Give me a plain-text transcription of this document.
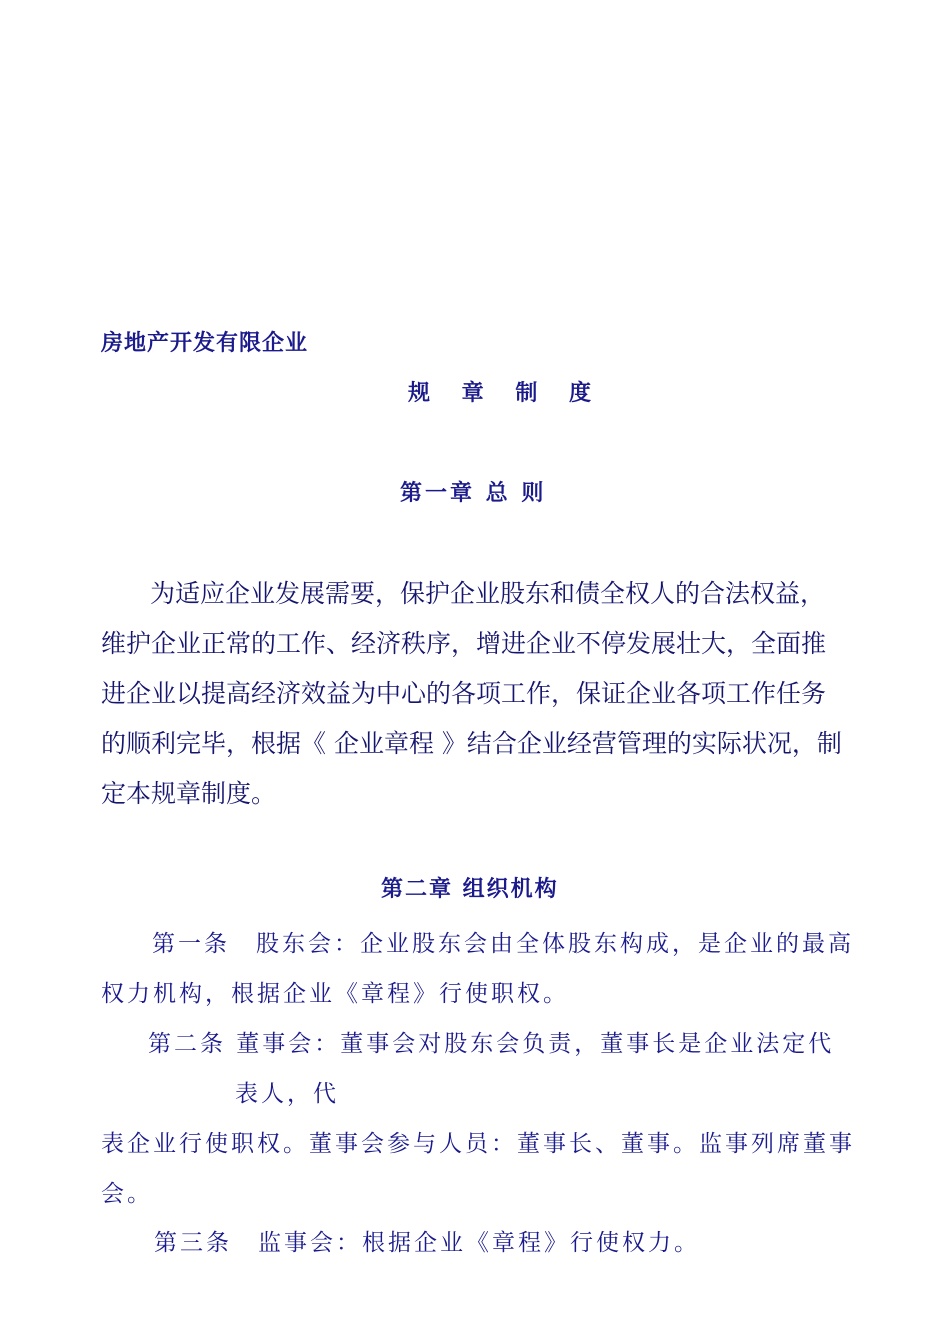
房地产开发有限企业
规 章 制 度
第一章 总 则
为适应企业发展需要，保护企业股东和债全权人的合法权益，
维护企业正常的工作、经济秩序，增进企业不停发展壮大，全面推
进企业以提高经济效益为中心的各项工作，保证企业各项工作任务
的顺利完毕，根据《 企业章程 》结合企业经营管理的实际状况，制
定本规章制度。
第二章 组织机构
第一条　股东会：企业股东会由全体股东构成，是企业的最高
权力机构，根据企业《章程》行使职权。
第二条 董事会：董事会对股东会负责，董事长是企业法定代
表人，代
表企业行使职权。董事会参与人员：董事长、董事。监事列席董事
会。
第三条　监事会：根据企业《章程》行使权力。
